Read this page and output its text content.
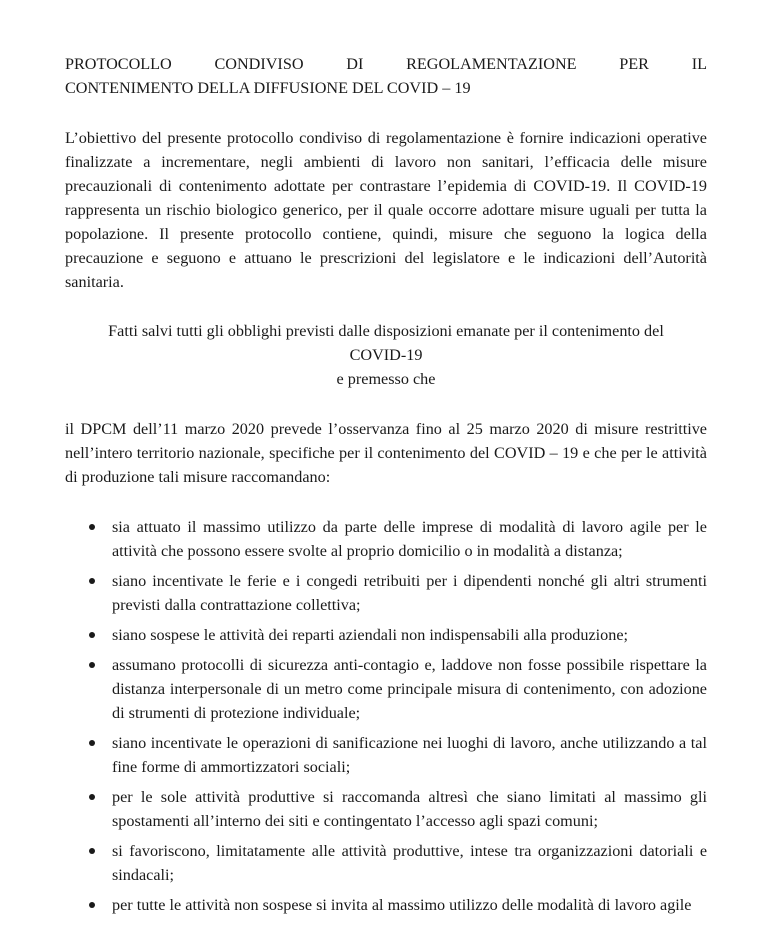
PROTOCOLLO CONDIVISO DI REGOLAMENTAZIONE PER IL
CONTENIMENTO DELLA DIFFUSIONE DEL COVID – 19

L’obiettivo del presente protocollo condiviso di regolamentazione è fornire indicazioni operative finalizzate a incrementare, negli ambienti di lavoro non sanitari, l’efficacia delle misure precauzionali di contenimento adottate per contrastare l’epidemia di COVID-19. Il COVID-19 rappresenta un rischio biologico generico, per il quale occorre adottare misure uguali per tutta la popolazione. Il presente protocollo contiene, quindi, misure che seguono la logica della precauzione e seguono e attuano le prescrizioni del legislatore e le indicazioni dell’Autorità sanitaria.

Fatti salvi tutti gli obblighi previsti dalle disposizioni emanate per il contenimento del
COVID-19
e premesso che

il DPCM dell’11 marzo 2020 prevede l’osservanza fino al 25 marzo 2020 di misure restrittive nell’intero territorio nazionale, specifiche per il contenimento del COVID – 19 e che per le attività di produzione tali misure raccomandano:

sia attuato il massimo utilizzo da parte delle imprese di modalità di lavoro agile per le attività che possono essere svolte al proprio domicilio o in modalità a distanza;
siano incentivate le ferie e i congedi retribuiti per i dipendenti nonché gli altri strumenti previsti dalla contrattazione collettiva;
siano sospese le attività dei reparti aziendali non indispensabili alla produzione;
assumano protocolli di sicurezza anti-contagio e, laddove non fosse possibile rispettare la distanza interpersonale di un metro come principale misura di contenimento, con adozione di strumenti di protezione individuale;
siano incentivate le operazioni di sanificazione nei luoghi di lavoro, anche utilizzando a tal fine forme di ammortizzatori sociali;
per le sole attività produttive si raccomanda altresì che siano limitati al massimo gli spostamenti all’interno dei siti e contingentato l’accesso agli spazi comuni;
si favoriscono, limitatamente alle attività produttive, intese tra organizzazioni datoriali e sindacali;
per tutte le attività non sospese si invita al massimo utilizzo delle modalità di lavoro agile
